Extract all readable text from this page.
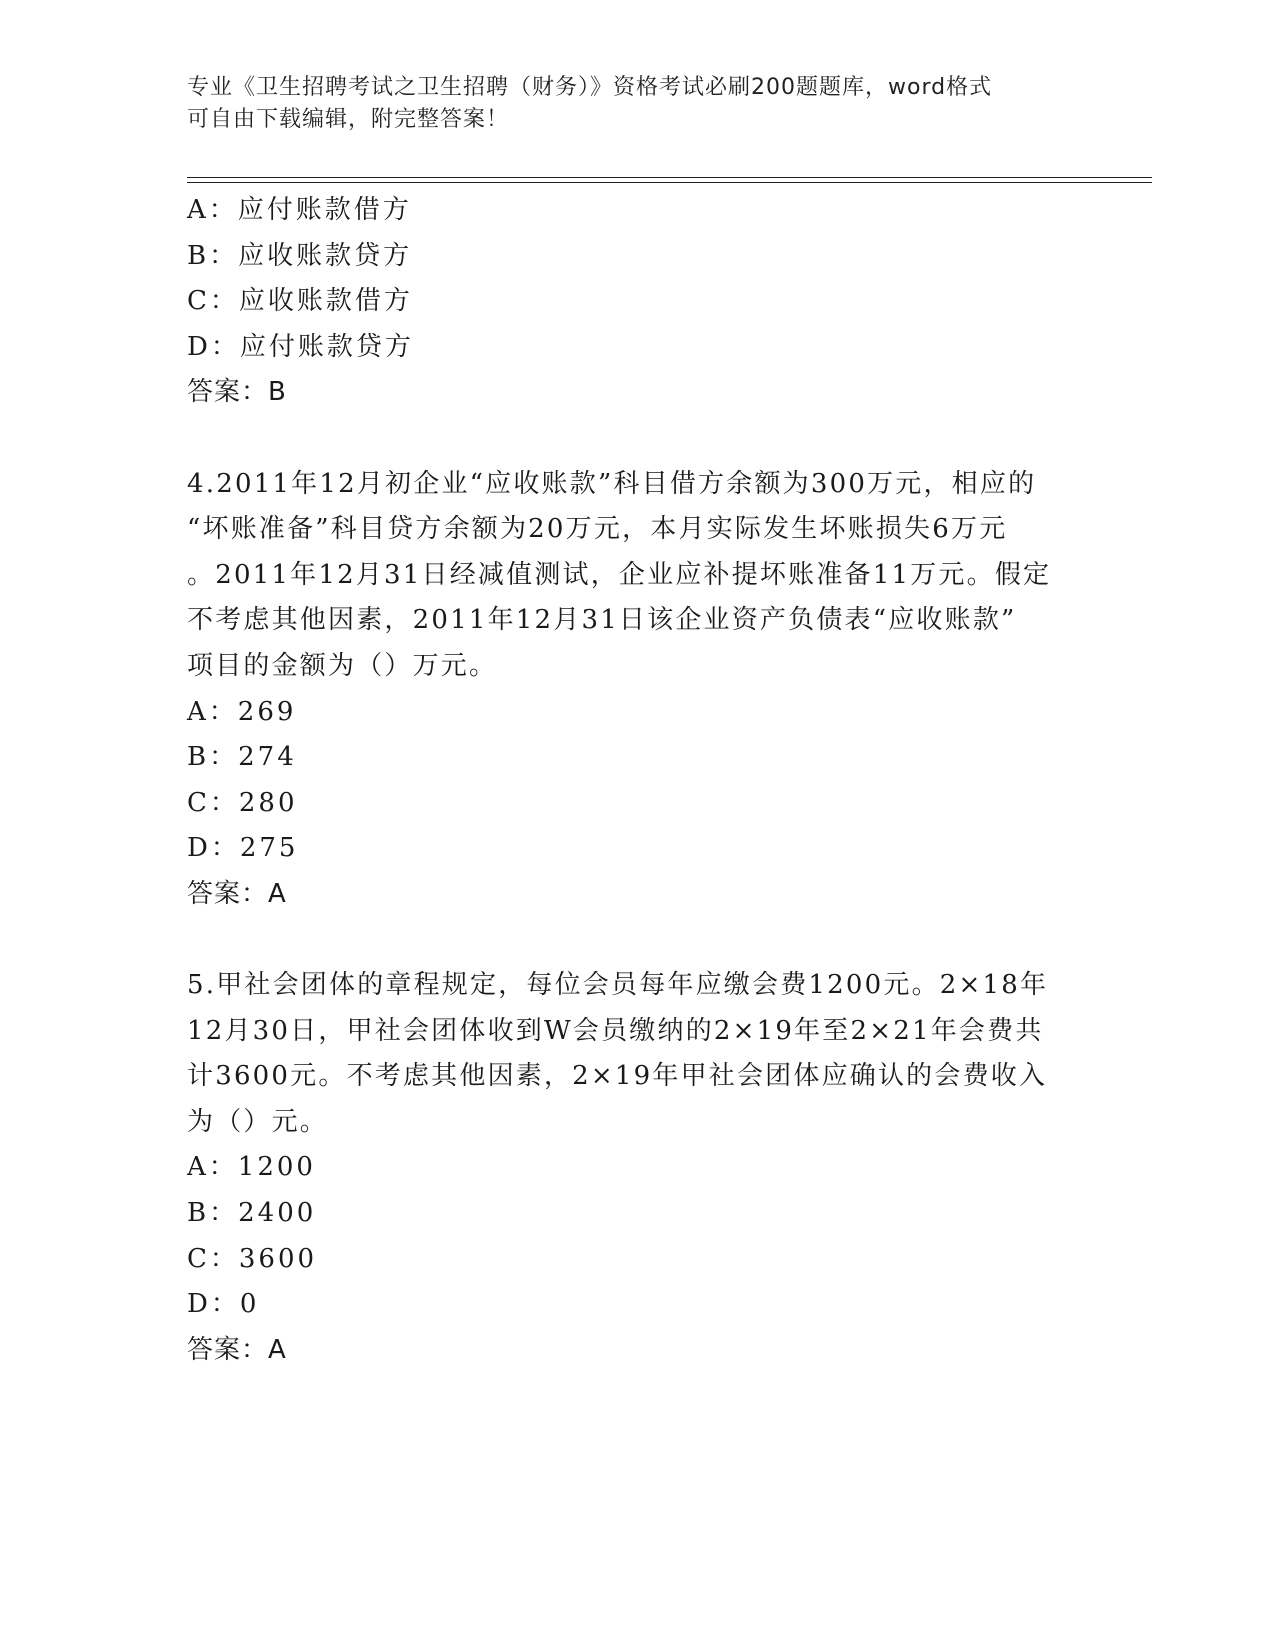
专业《卫生招聘考试之卫生招聘（财务）》资格考试必刷200题题库，word格式
可自由下载编辑，附完整答案！
A：应付账款借方
B：应收账款贷方
C：应收账款借方
D：应付账款贷方
答案：B
4.2011年12月初企业“应收账款”科目借方余额为300万元，相应的
“坏账准备”科目贷方余额为20万元，本月实际发生坏账损失6万元
。2011年12月31日经减值测试，企业应补提坏账准备11万元。假定
不考虑其他因素，2011年12月31日该企业资产负债表“应收账款”
项目的金额为（）万元。
A：269
B：274
C：280
D：275
答案：A
5.甲社会团体的章程规定，每位会员每年应缴会费1200元。2×18年
12月30日，甲社会团体收到W会员缴纳的2×19年至2×21年会费共
计3600元。不考虑其他因素，2×19年甲社会团体应确认的会费收入
为（）元。
A：1200
B：2400
C：3600
D：0
答案：A
